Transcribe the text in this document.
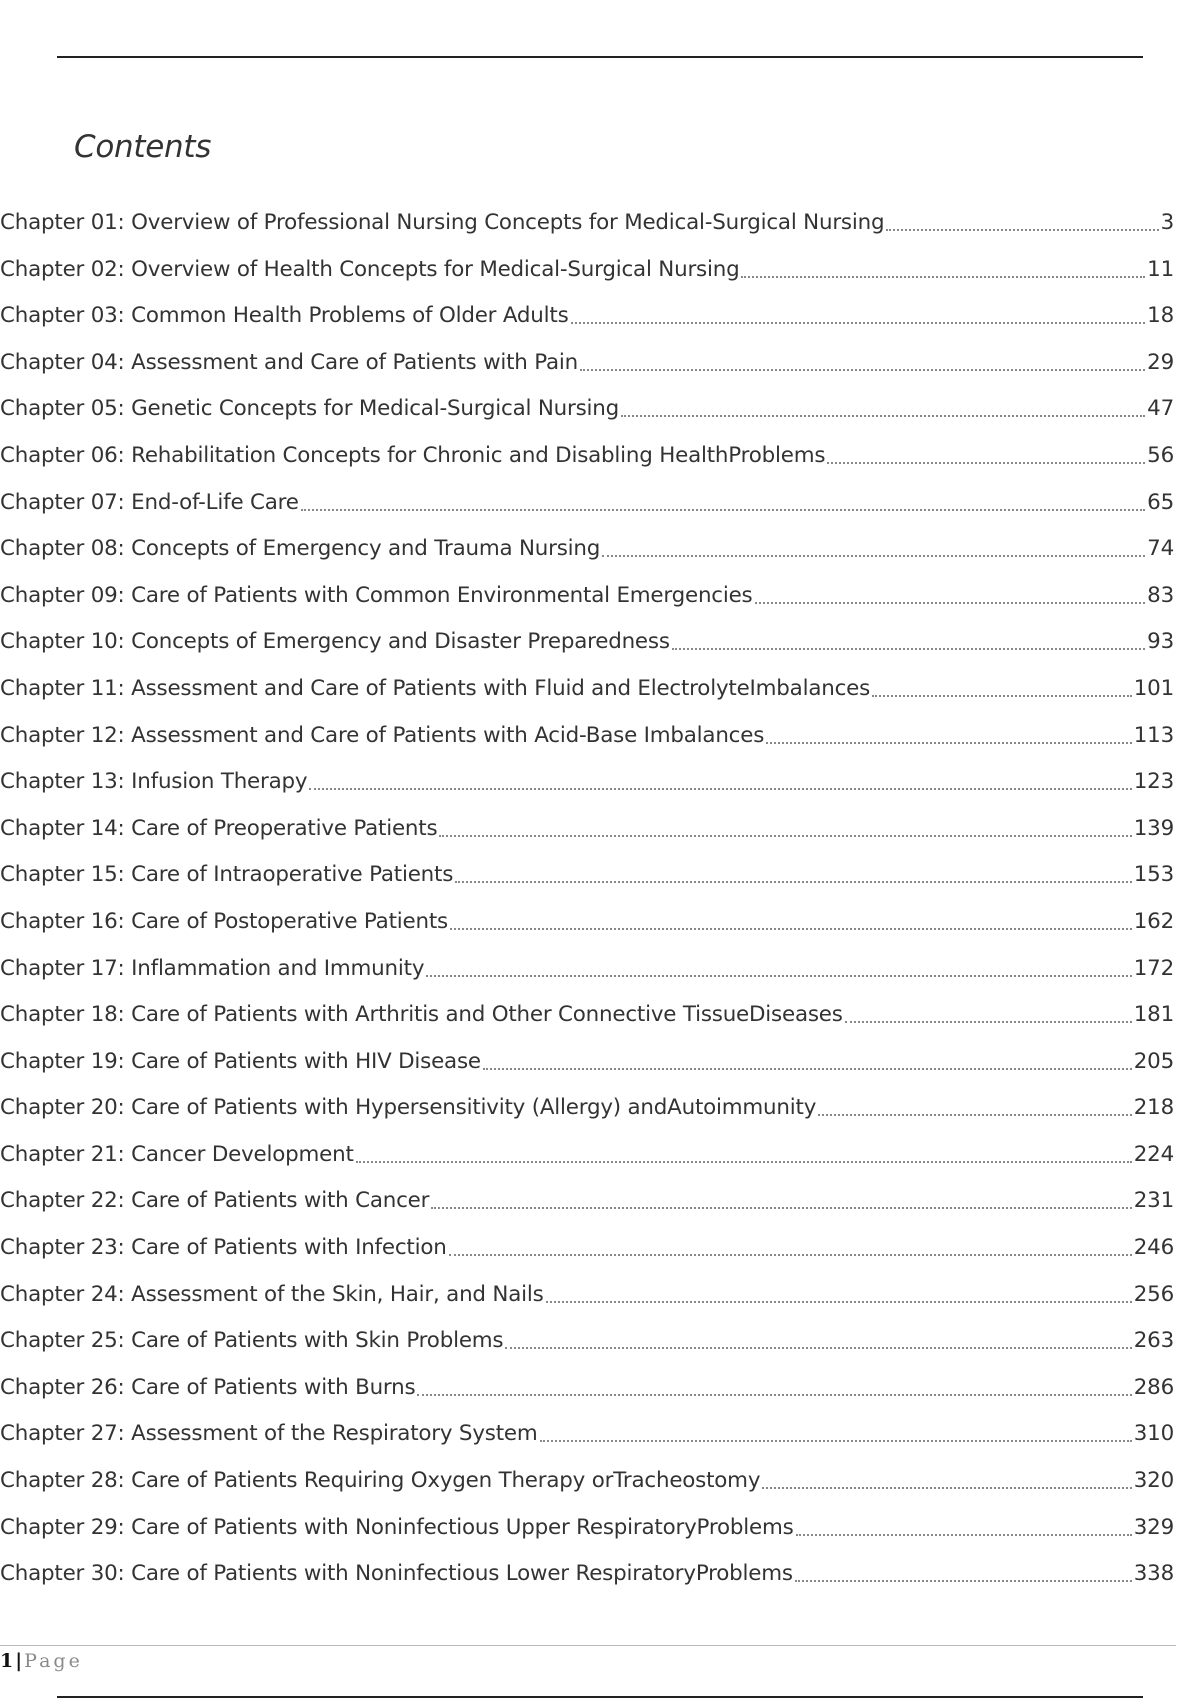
Contents
Chapter 01: Overview of Professional Nursing Concepts for Medical-Surgical Nursing	3
Chapter 02: Overview of Health Concepts for Medical-Surgical Nursing	11
Chapter 03: Common Health Problems of Older Adults	18
Chapter 04: Assessment and Care of Patients with Pain	29
Chapter 05: Genetic Concepts for Medical-Surgical Nursing	47
Chapter 06: Rehabilitation Concepts for Chronic and Disabling HealthProblems	56
Chapter 07: End-of-Life Care	65
Chapter 08: Concepts of Emergency and Trauma Nursing	74
Chapter 09: Care of Patients with Common Environmental Emergencies	83
Chapter 10: Concepts of Emergency and Disaster Preparedness	93
Chapter 11: Assessment and Care of Patients with Fluid and ElectrolyteImbalances	101
Chapter 12: Assessment and Care of Patients with Acid-Base Imbalances	113
Chapter 13: Infusion Therapy	123
Chapter 14: Care of Preoperative Patients	139
Chapter 15: Care of Intraoperative Patients	153
Chapter 16: Care of Postoperative Patients	162
Chapter 17: Inflammation and Immunity	172
Chapter 18: Care of Patients with Arthritis and Other Connective TissueDiseases	181
Chapter 19: Care of Patients with HIV Disease	205
Chapter 20: Care of Patients with Hypersensitivity (Allergy) andAutoimmunity	218
Chapter 21: Cancer Development	224
Chapter 22: Care of Patients with Cancer	231
Chapter 23: Care of Patients with Infection	246
Chapter 24: Assessment of the Skin, Hair, and Nails	256
Chapter 25: Care of Patients with Skin Problems	263
Chapter 26: Care of Patients with Burns	286
Chapter 27: Assessment of the Respiratory System	310
Chapter 28: Care of Patients Requiring Oxygen Therapy orTracheostomy	320
Chapter 29: Care of Patients with Noninfectious Upper RespiratoryProblems	329
Chapter 30: Care of Patients with Noninfectious Lower RespiratoryProblems	338
1 | Page
